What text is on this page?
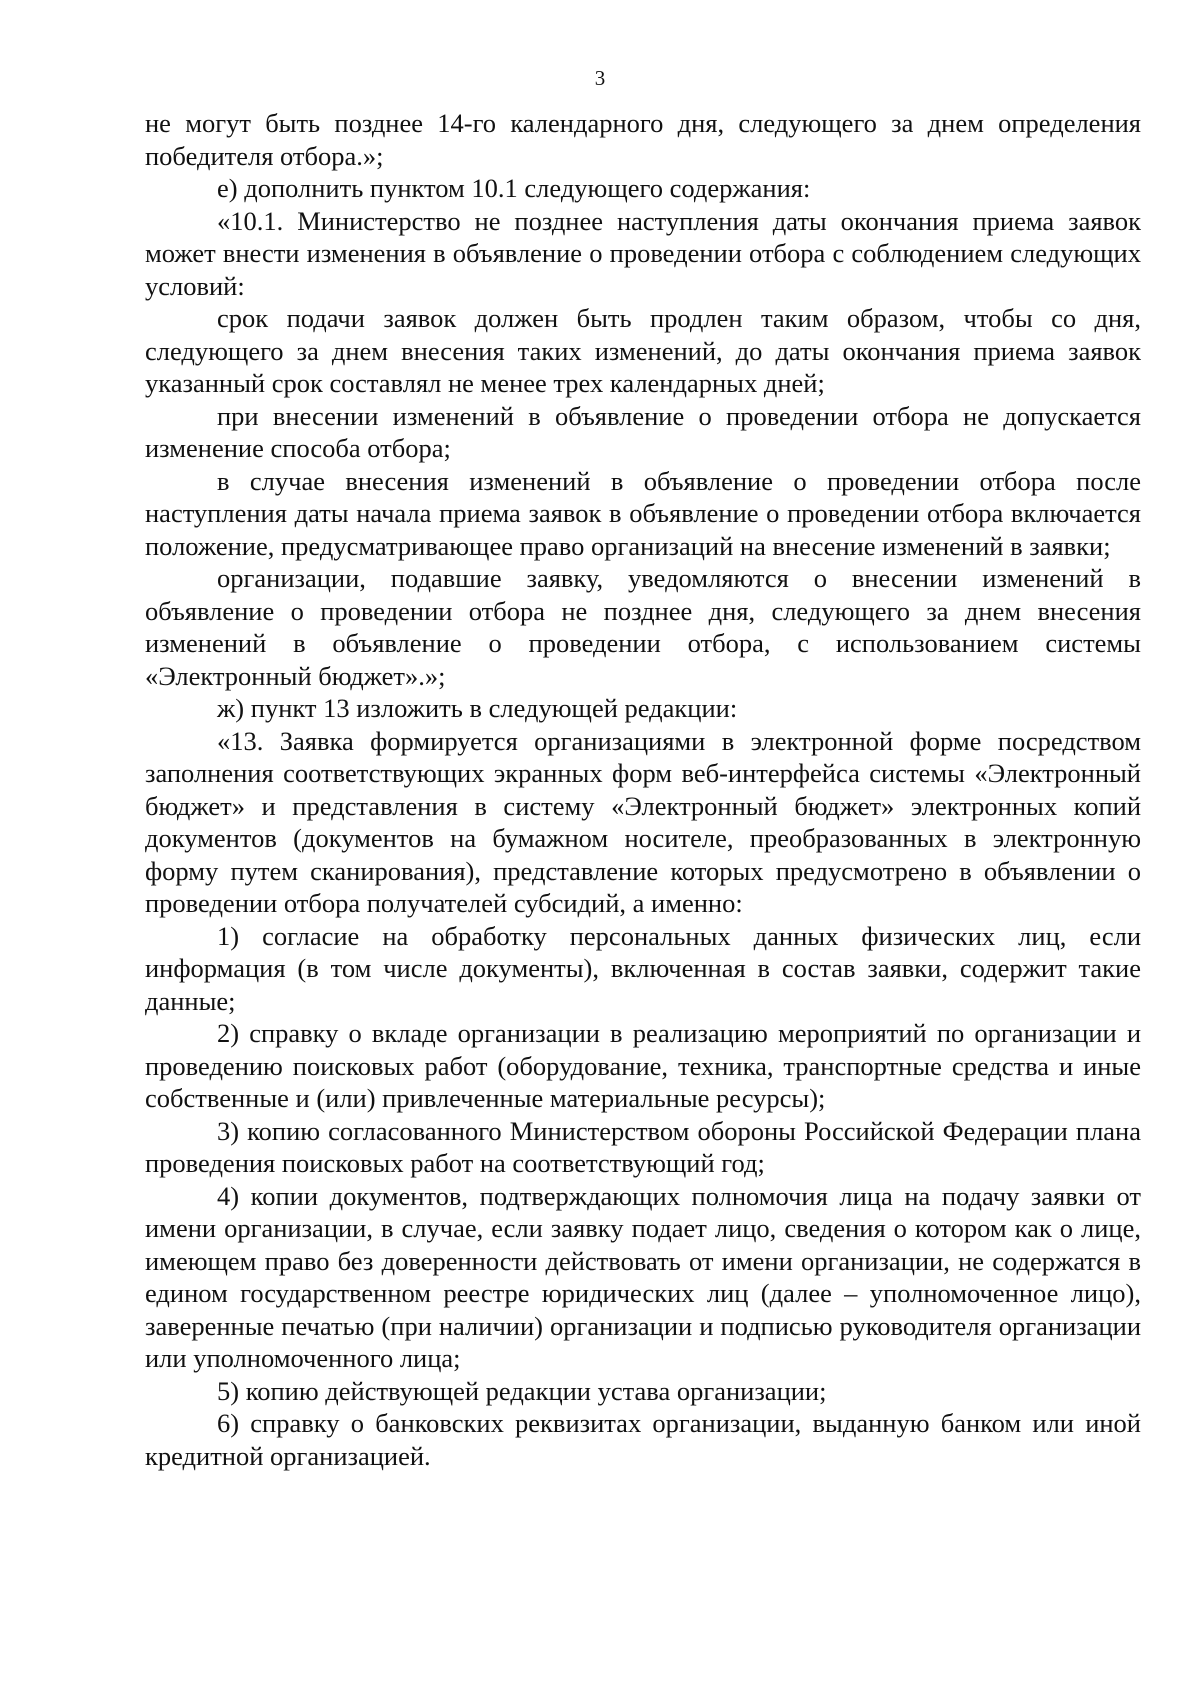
3

не могут быть позднее 14-го календарного дня, следующего за днем определения победителя отбора.»;

е) дополнить пунктом 10.1 следующего содержания:

«10.1. Министерство не позднее наступления даты окончания приема заявок может внести изменения в объявление о проведении отбора с соблюдением следующих условий:

срок подачи заявок должен быть продлен таким образом, чтобы со дня, следующего за днем внесения таких изменений, до даты окончания приема заявок указанный срок составлял не менее трех календарных дней;

при внесении изменений в объявление о проведении отбора не допускается изменение способа отбора;

в случае внесения изменений в объявление о проведении отбора после наступления даты начала приема заявок в объявление о проведении отбора включается положение, предусматривающее право организаций на внесение изменений в заявки;

организации, подавшие заявку, уведомляются о внесении изменений в объявление о проведении отбора не позднее дня, следующего за днем внесения изменений в объявление о проведении отбора, с использованием системы «Электронный бюджет».»;

ж) пункт 13 изложить в следующей редакции:

«13. Заявка формируется организациями в электронной форме посредством заполнения соответствующих экранных форм веб-интерфейса системы «Электронный бюджет» и представления в систему «Электронный бюджет» электронных копий документов (документов на бумажном носителе, преобразованных в электронную форму путем сканирования), представление которых предусмотрено в объявлении о проведении отбора получателей субсидий, а именно:

1) согласие на обработку персональных данных физических лиц, если информация (в том числе документы), включенная в состав заявки, содержит такие данные;

2) справку о вкладе организации в реализацию мероприятий по организации и проведению поисковых работ (оборудование, техника, транспортные средства и иные собственные и (или) привлеченные материальные ресурсы);

3) копию согласованного Министерством обороны Российской Федерации плана проведения поисковых работ на соответствующий год;

4) копии документов, подтверждающих полномочия лица на подачу заявки от имени организации, в случае, если заявку подает лицо, сведения о котором как о лице, имеющем право без доверенности действовать от имени организации, не содержатся в едином государственном реестре юридических лиц (далее – уполномоченное лицо), заверенные печатью (при наличии) организации и подписью руководителя организации или уполномоченного лица;

5) копию действующей редакции устава организации;

6) справку о банковских реквизитах организации, выданную банком или иной кредитной организацией.
